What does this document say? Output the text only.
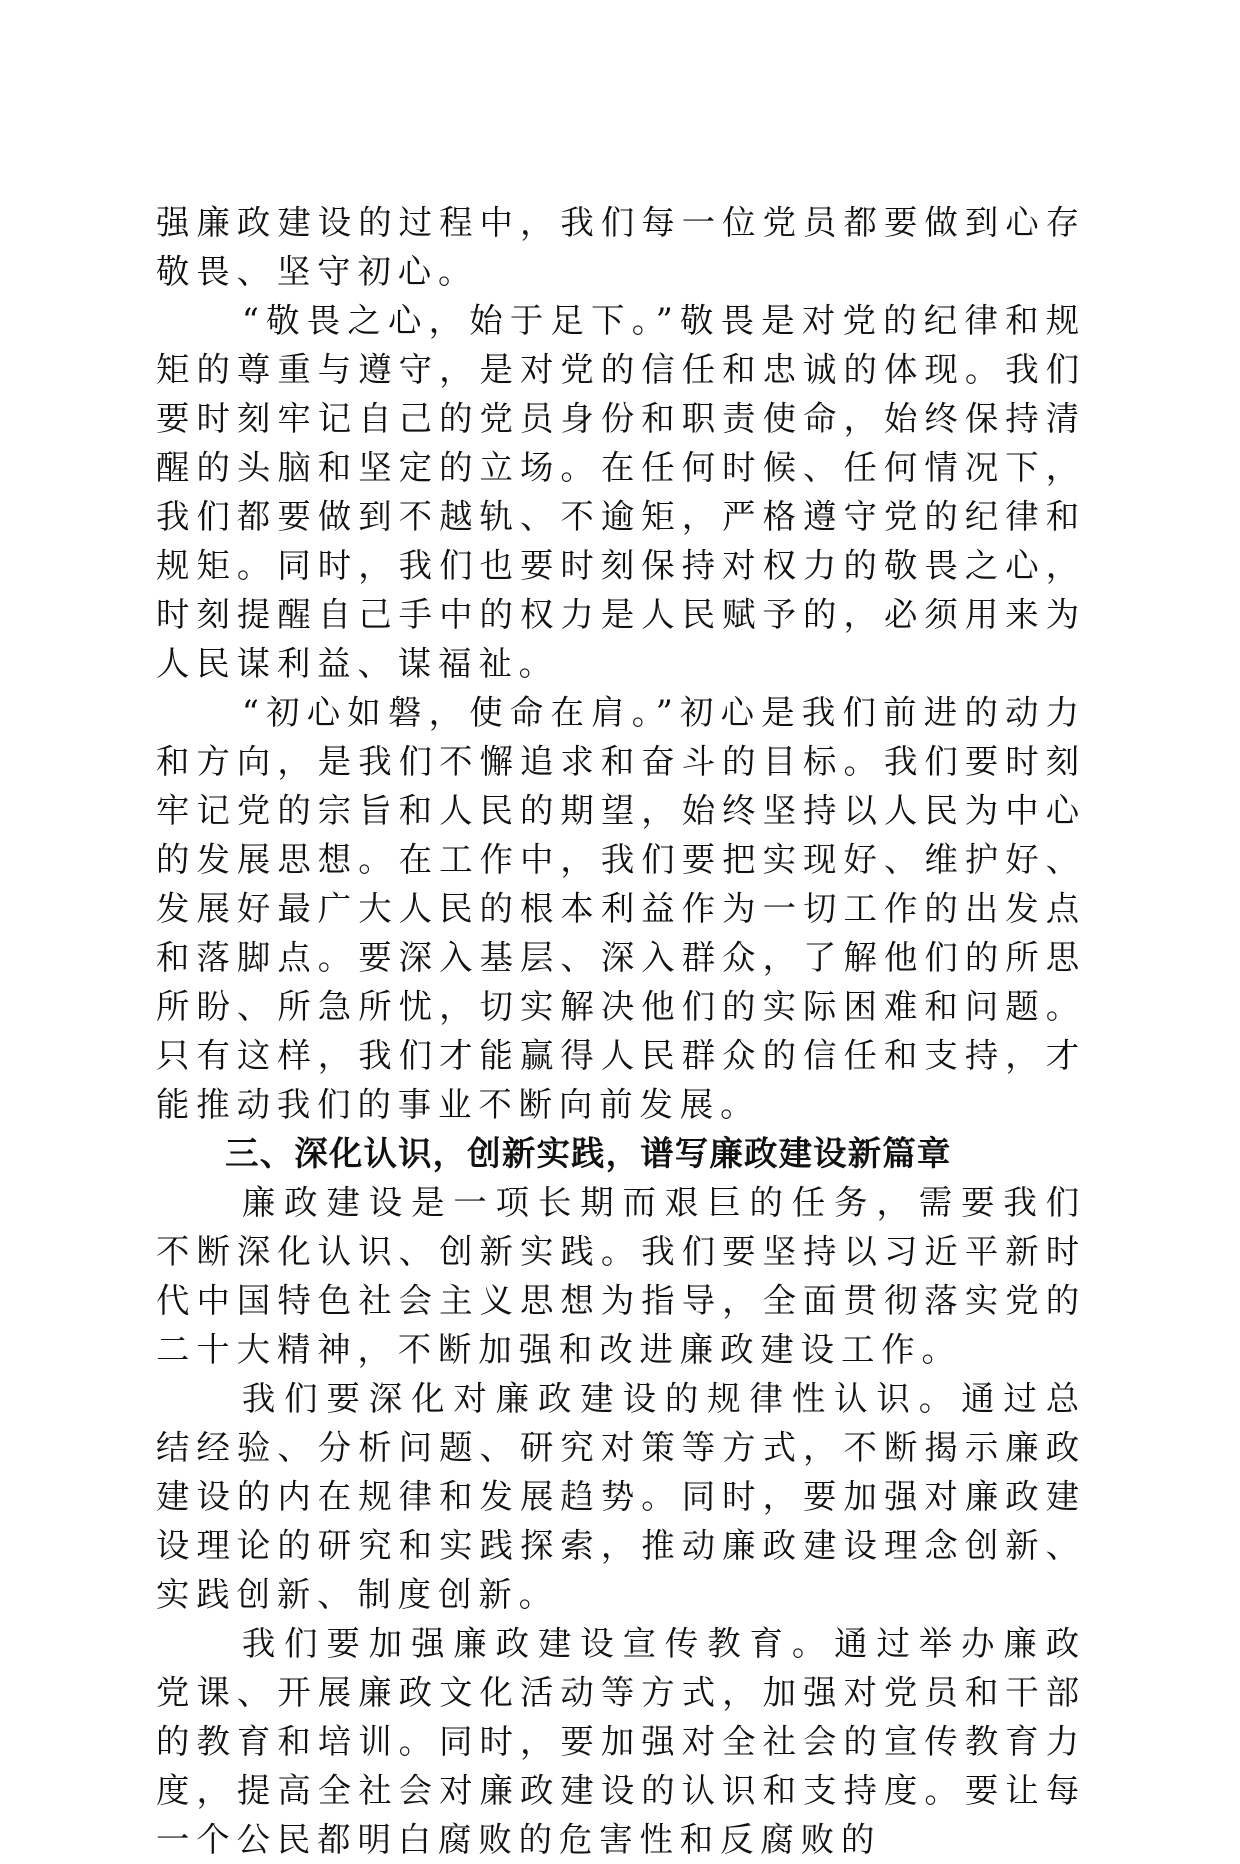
强廉政建设的过程中，我们每一位党员都要做到心存敬畏、坚守初心。

“敬畏之心，始于足下。”敬畏是对党的纪律和规矩的尊重与遵守，是对党的信任和忠诚的体现。我们要时刻牢记自己的党员身份和职责使命，始终保持清醒的头脑和坚定的立场。在任何时候、任何情况下，我们都要做到不越轨、不逾矩，严格遵守党的纪律和规矩。同时，我们也要时刻保持对权力的敬畏之心，时刻提醒自己手中的权力是人民赋予的，必须用来为人民谋利益、谋福祉。

“初心如磐，使命在肩。”初心是我们前进的动力和方向，是我们不懈追求和奋斗的目标。我们要时刻牢记党的宗旨和人民的期望，始终坚持以人民为中心的发展思想。在工作中，我们要把实现好、维护好、发展好最广大人民的根本利益作为一切工作的出发点和落脚点。要深入基层、深入群众，了解他们的所思所盼、所急所忧，切实解决他们的实际困难和问题。只有这样，我们才能赢得人民群众的信任和支持，才能推动我们的事业不断向前发展。

三、深化认识，创新实践，谱写廉政建设新篇章

廉政建设是一项长期而艰巨的任务，需要我们不断深化认识、创新实践。我们要坚持以习近平新时代中国特色社会主义思想为指导，全面贯彻落实党的二十大精神，不断加强和改进廉政建设工作。

我们要深化对廉政建设的规律性认识。通过总结经验、分析问题、研究对策等方式，不断揭示廉政建设的内在规律和发展趋势。同时，要加强对廉政建设理论的研究和实践探索，推动廉政建设理念创新、实践创新、制度创新。

我们要加强廉政建设宣传教育。通过举办廉政党课、开展廉政文化活动等方式，加强对党员和干部的教育和培训。同时，要加强对全社会的宣传教育力度，提高全社会对廉政建设的认识和支持度。要让每一个公民都明白腐败的危害性和反腐败的
